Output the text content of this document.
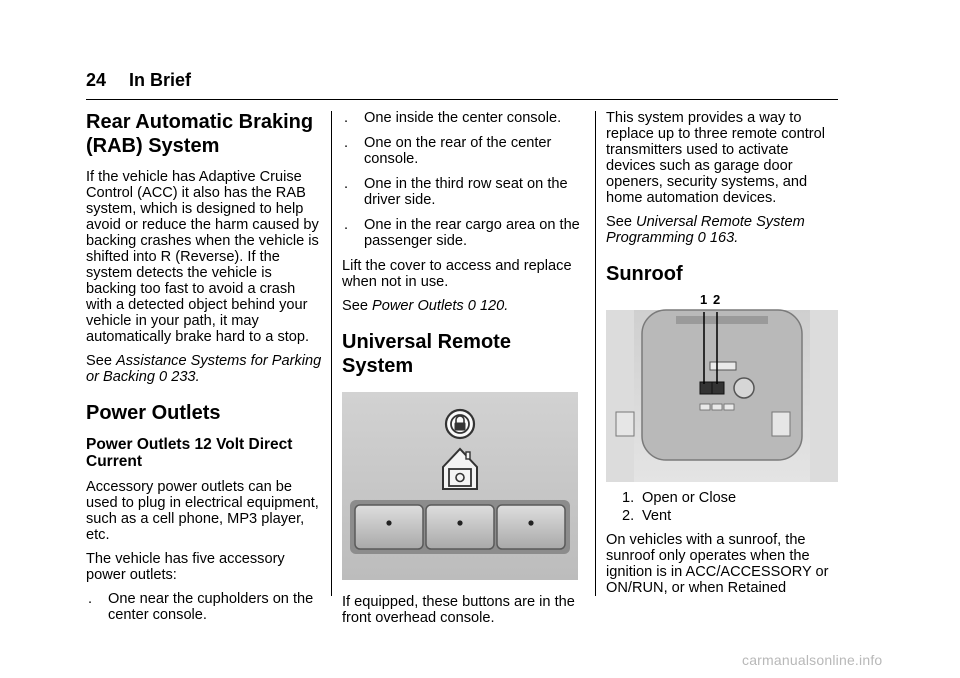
24 In Brief
Rear Automatic Braking (RAB) System

If the vehicle has Adaptive Cruise Control (ACC) it also has the RAB system, which is designed to help avoid or reduce the harm caused by backing crashes when the vehicle is shifted into R (Reverse). If the system detects the vehicle is backing too fast to avoid a crash with a detected object behind your vehicle in your path, it may automatically brake hard to a stop.

See Assistance Systems for Parking or Backing 0 233.

Power Outlets
Power Outlets 12 Volt Direct Current

Accessory power outlets can be used to plug in electrical equipment, such as a cell phone, MP3 player, etc.

The vehicle has five accessory power outlets:

.	One near the cupholders on the center console.
.	One inside the center console.
.	One on the rear of the center console.
.	One in the third row seat on the driver side.
.	One in the rear cargo area on the passenger side.

Lift the cover to access and replace when not in use.

See Power Outlets 0 120.

Universal Remote System

If equipped, these buttons are in the front overhead console.

This system provides a way to replace up to three remote control transmitters used to activate devices such as garage door openers, security systems, and home automation devices.

See Universal Remote System Programming 0 163.

Sunroof
1 2
1. Open or Close
2. Vent

On vehicles with a sunroof, the sunroof only operates when the ignition is in ACC/ACCESSORY or ON/RUN, or when Retained

carmanualsonline.info
